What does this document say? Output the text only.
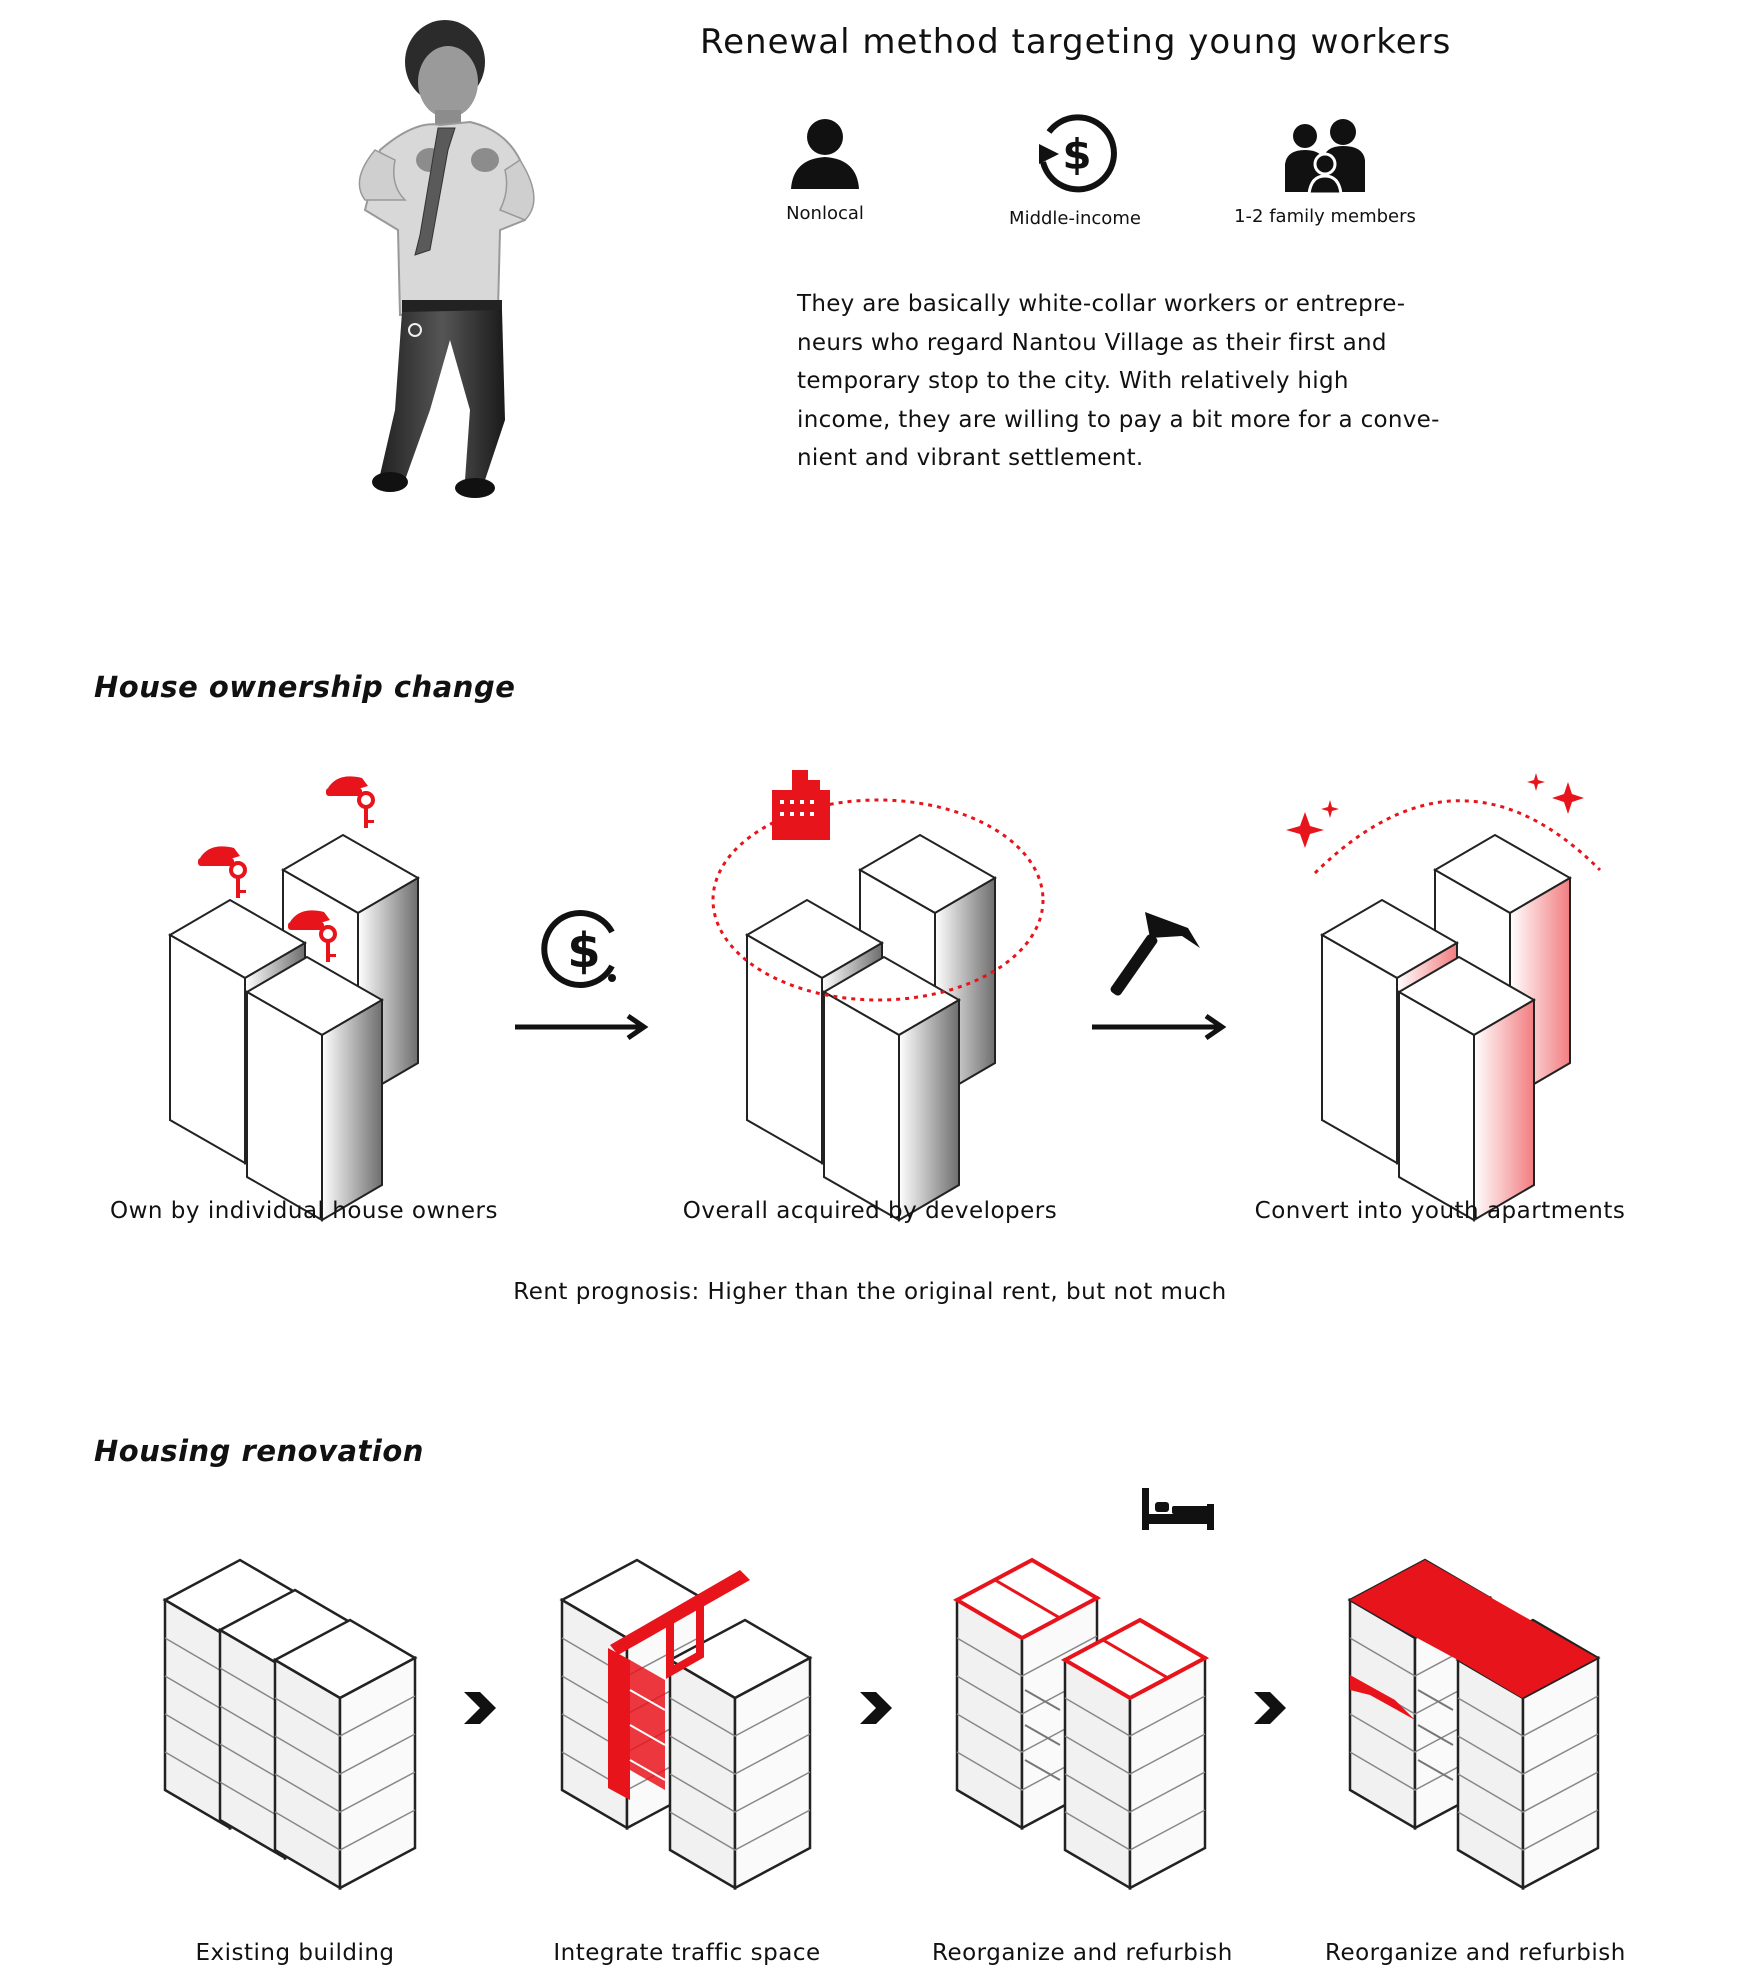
Renewal method targeting young workers
Nonlocal
$
Middle-income	1-2 family members
They are basically white-collar workers or entrepre-
neurs who regard Nantou Village as their first and
temporary stop to the city. With relatively high
income, they are willing to pay a bit more for a conve-
nient and vibrant settlement.
House ownership change
$
Own by individual house owners	Overall acquired by developers	Convert into youth apartments
Rent prognosis: Higher than the original rent, but not much
Housing renovation
Existing building	Integrate traffic space	Reorganize and refurbish	Reorganize and refurbish
